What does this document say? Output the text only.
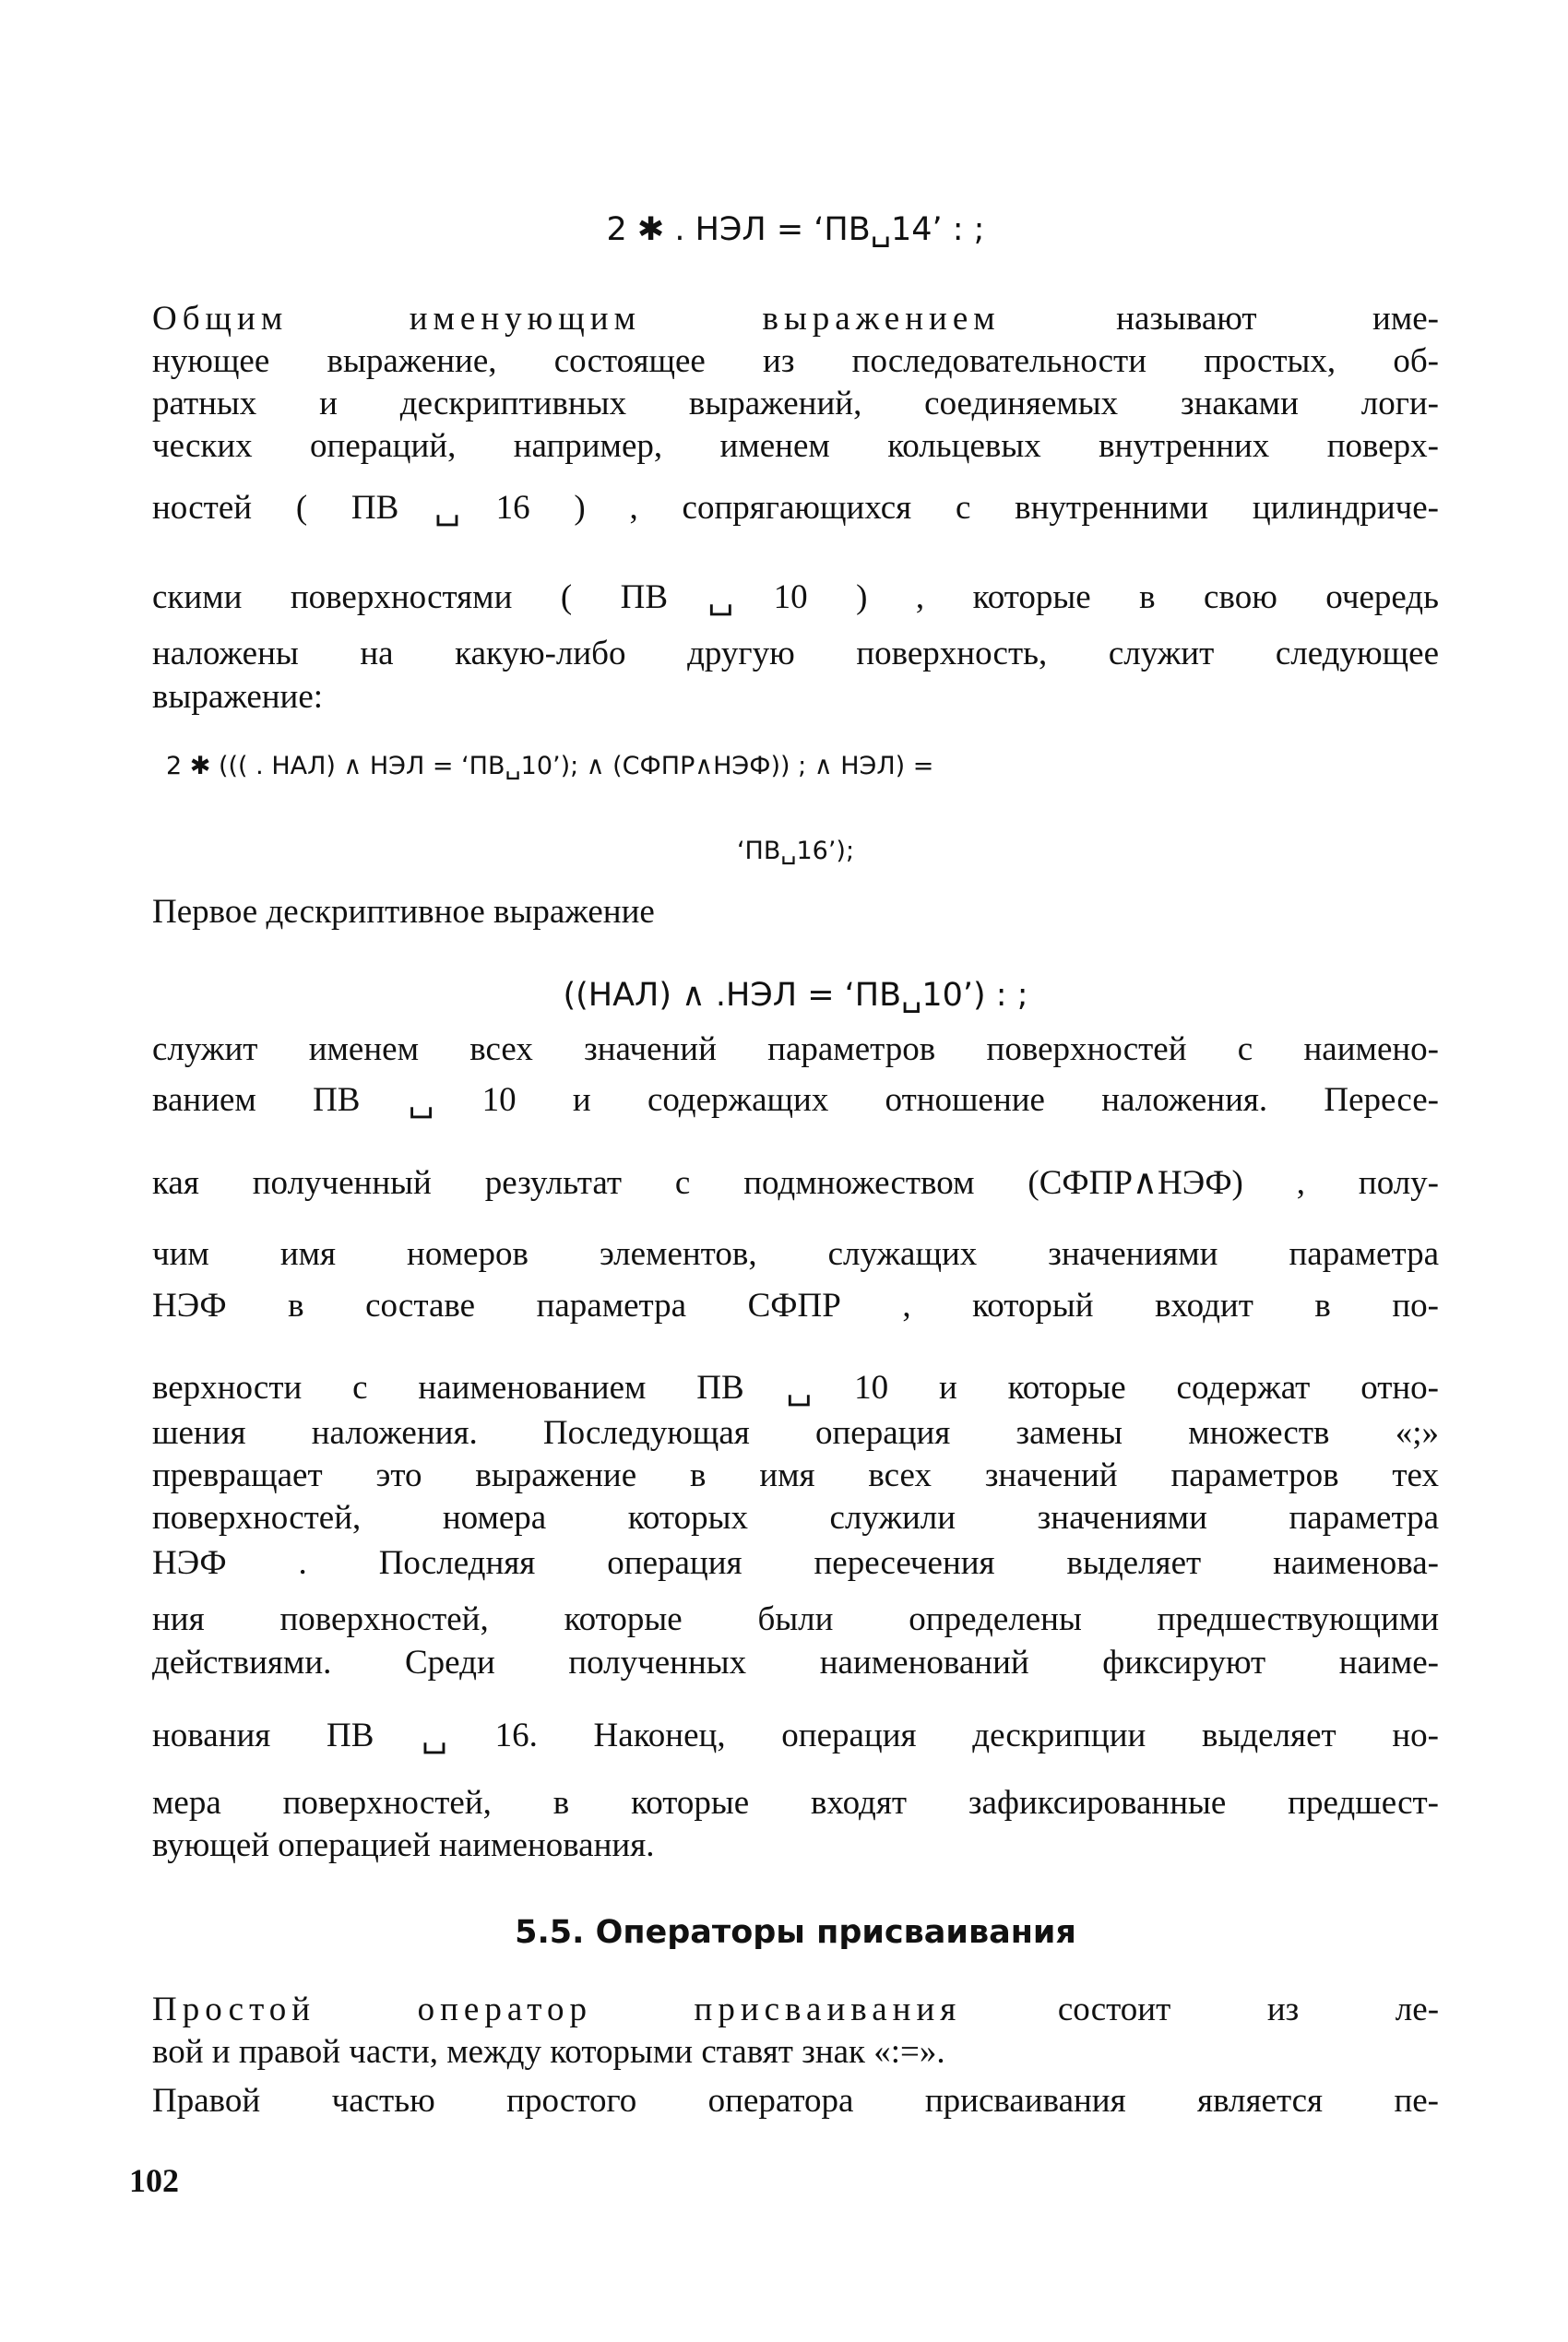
2 ✱ . НЭЛ = ‘ПВ␣14’ : ;
Общим именующим выражением	называют име-
нующее выражение, состоящее из последовательности простых, об-
ратных и дескриптивных выражений, соединяемых знаками логи-
ческих операций, например, именем кольцевых внутренних поверх-
ностей ( ПВ␣16 ) , сопрягающихся с внутренними цилиндриче-
скими поверхностями ( ПВ␣10 ) , которые в свою очередь
наложены на какую-либо другую поверхность, служит следующее
выражение:
2 ✱ ((( . НАЛ) ∧ НЭЛ = ‘ПВ␣10’); ∧ (СФПР∧НЭФ)) ; ∧ НЭЛ) =
‘ПВ␣16’);
Первое дескриптивное выражение
((НАЛ) ∧ .НЭЛ = ‘ПВ␣10’) : ;
служит именем всех значений параметров поверхностей с наимено-
ванием ПВ␣10 и содержащих отношение наложения. Пересе-
кая полученный результат с подмножеством (СФПР∧НЭФ) , полу-
чим имя номеров элементов, служащих значениями параметра
НЭФ в составе параметра СФПР , который входит в по-
верхности с наименованием ПВ␣10 и которые содержат отно-
шения наложения. Последующая операция замены множеств «;»
превращает это выражение в имя всех значений параметров тех
поверхностей, номера которых служили значениями параметра
НЭФ . Последняя операция пересечения выделяет наименова-
ния поверхностей, которые были определены предшествующими
действиями. Среди полученных наименований фиксируют наиме-
нования ПВ␣16. Наконец, операция дескрипции выделяет но-
мера поверхностей, в которые входят зафиксированные предшест-
вующей операцией наименования.
5.5. Операторы присваивания
Простой оператор присваивания	состоит из ле-
вой и правой части, между которыми ставят знак «:=».
Правой частью простого оператора присваивания является пе-
102
